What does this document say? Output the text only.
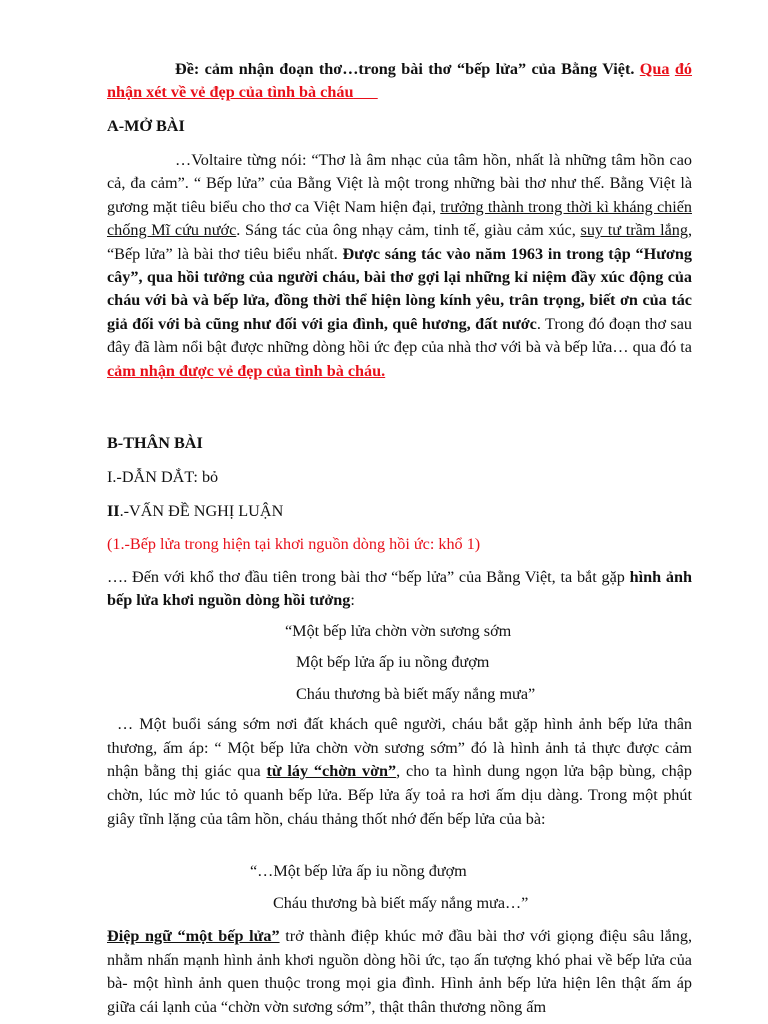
Đề: cảm nhận đoạn thơ…trong bài thơ “bếp lửa” của Bằng Việt. Qua đó nhận xét về vẻ đẹp của tình bà cháu

A-MỞ BÀI

…Voltaire từng nói: “Thơ là âm nhạc của tâm hồn, nhất là những tâm hồn cao cả, đa cảm”. “ Bếp lửa” của Bằng Việt là một trong những bài thơ như thế. Bằng Việt là gương mặt tiêu biểu cho thơ ca Việt Nam hiện đại, trưởng thành trong thời kì kháng chiến chống Mĩ cứu nước. Sáng tác của ông nhạy cảm, tinh tế, giàu cảm xúc, suy tư trầm lắng, “Bếp lửa” là bài thơ tiêu biểu nhất. Được sáng tác vào năm 1963 in trong tập “Hương cây”, qua hồi tưởng của người cháu, bài thơ gợi lại những kỉ niệm đầy xúc động của cháu với bà và bếp lửa, đồng thời thể hiện lòng kính yêu, trân trọng, biết ơn của tác giả đối với bà cũng như đối với gia đình, quê hương, đất nước. Trong đó đoạn thơ sau đây đã làm nổi bật được những dòng hồi ức đẹp của nhà thơ với bà và bếp lửa… qua đó ta cảm nhận được vẻ đẹp của tình bà cháu.

B-THÂN BÀI

I.-DẪN DẮT: bỏ

II.-VẤN ĐỀ NGHỊ LUẬN

(1.-Bếp lửa trong hiện tại khơi nguồn dòng hồi ức: khổ 1)

…. Đến với khổ thơ đầu tiên trong bài thơ “bếp lửa” của Bằng Việt, ta bắt gặp hình ảnh bếp lửa khơi nguồn dòng hồi tưởng:

“Một bếp lửa chờn vờn sương sớm

Một bếp lửa ấp iu nồng đượm

Cháu thương bà biết mấy nắng mưa”

… Một buổi sáng sớm nơi đất khách quê người, cháu bắt gặp hình ảnh bếp lửa thân thương, ấm áp: “ Một bếp lửa chờn vờn sương sớm” đó là hình ảnh tả thực được cảm nhận bằng thị giác qua từ láy “chờn vờn”, cho ta hình dung ngọn lửa bập bùng, chập chờn, lúc mờ lúc tỏ quanh bếp lửa. Bếp lửa ấy toả ra hơi ấm dịu dàng. Trong một phút giây tĩnh lặng của tâm hồn, cháu thảng thốt nhớ đến bếp lửa của bà:

“…Một bếp lửa ấp iu nồng đượm

Cháu thương bà biết mấy nắng mưa…”

Điệp ngữ “một bếp lửa” trở thành điệp khúc mở đầu bài thơ với giọng điệu sâu lắng, nhằm nhấn mạnh hình ảnh khơi nguồn dòng hồi ức, tạo ấn tượng khó phai về bếp lửa của bà- một hình ảnh quen thuộc trong mọi gia đình. Hình ảnh bếp lửa hiện lên thật ấm áp giữa cái lạnh của “chờn vờn sương sớm”, thật thân thương nồng ấm
